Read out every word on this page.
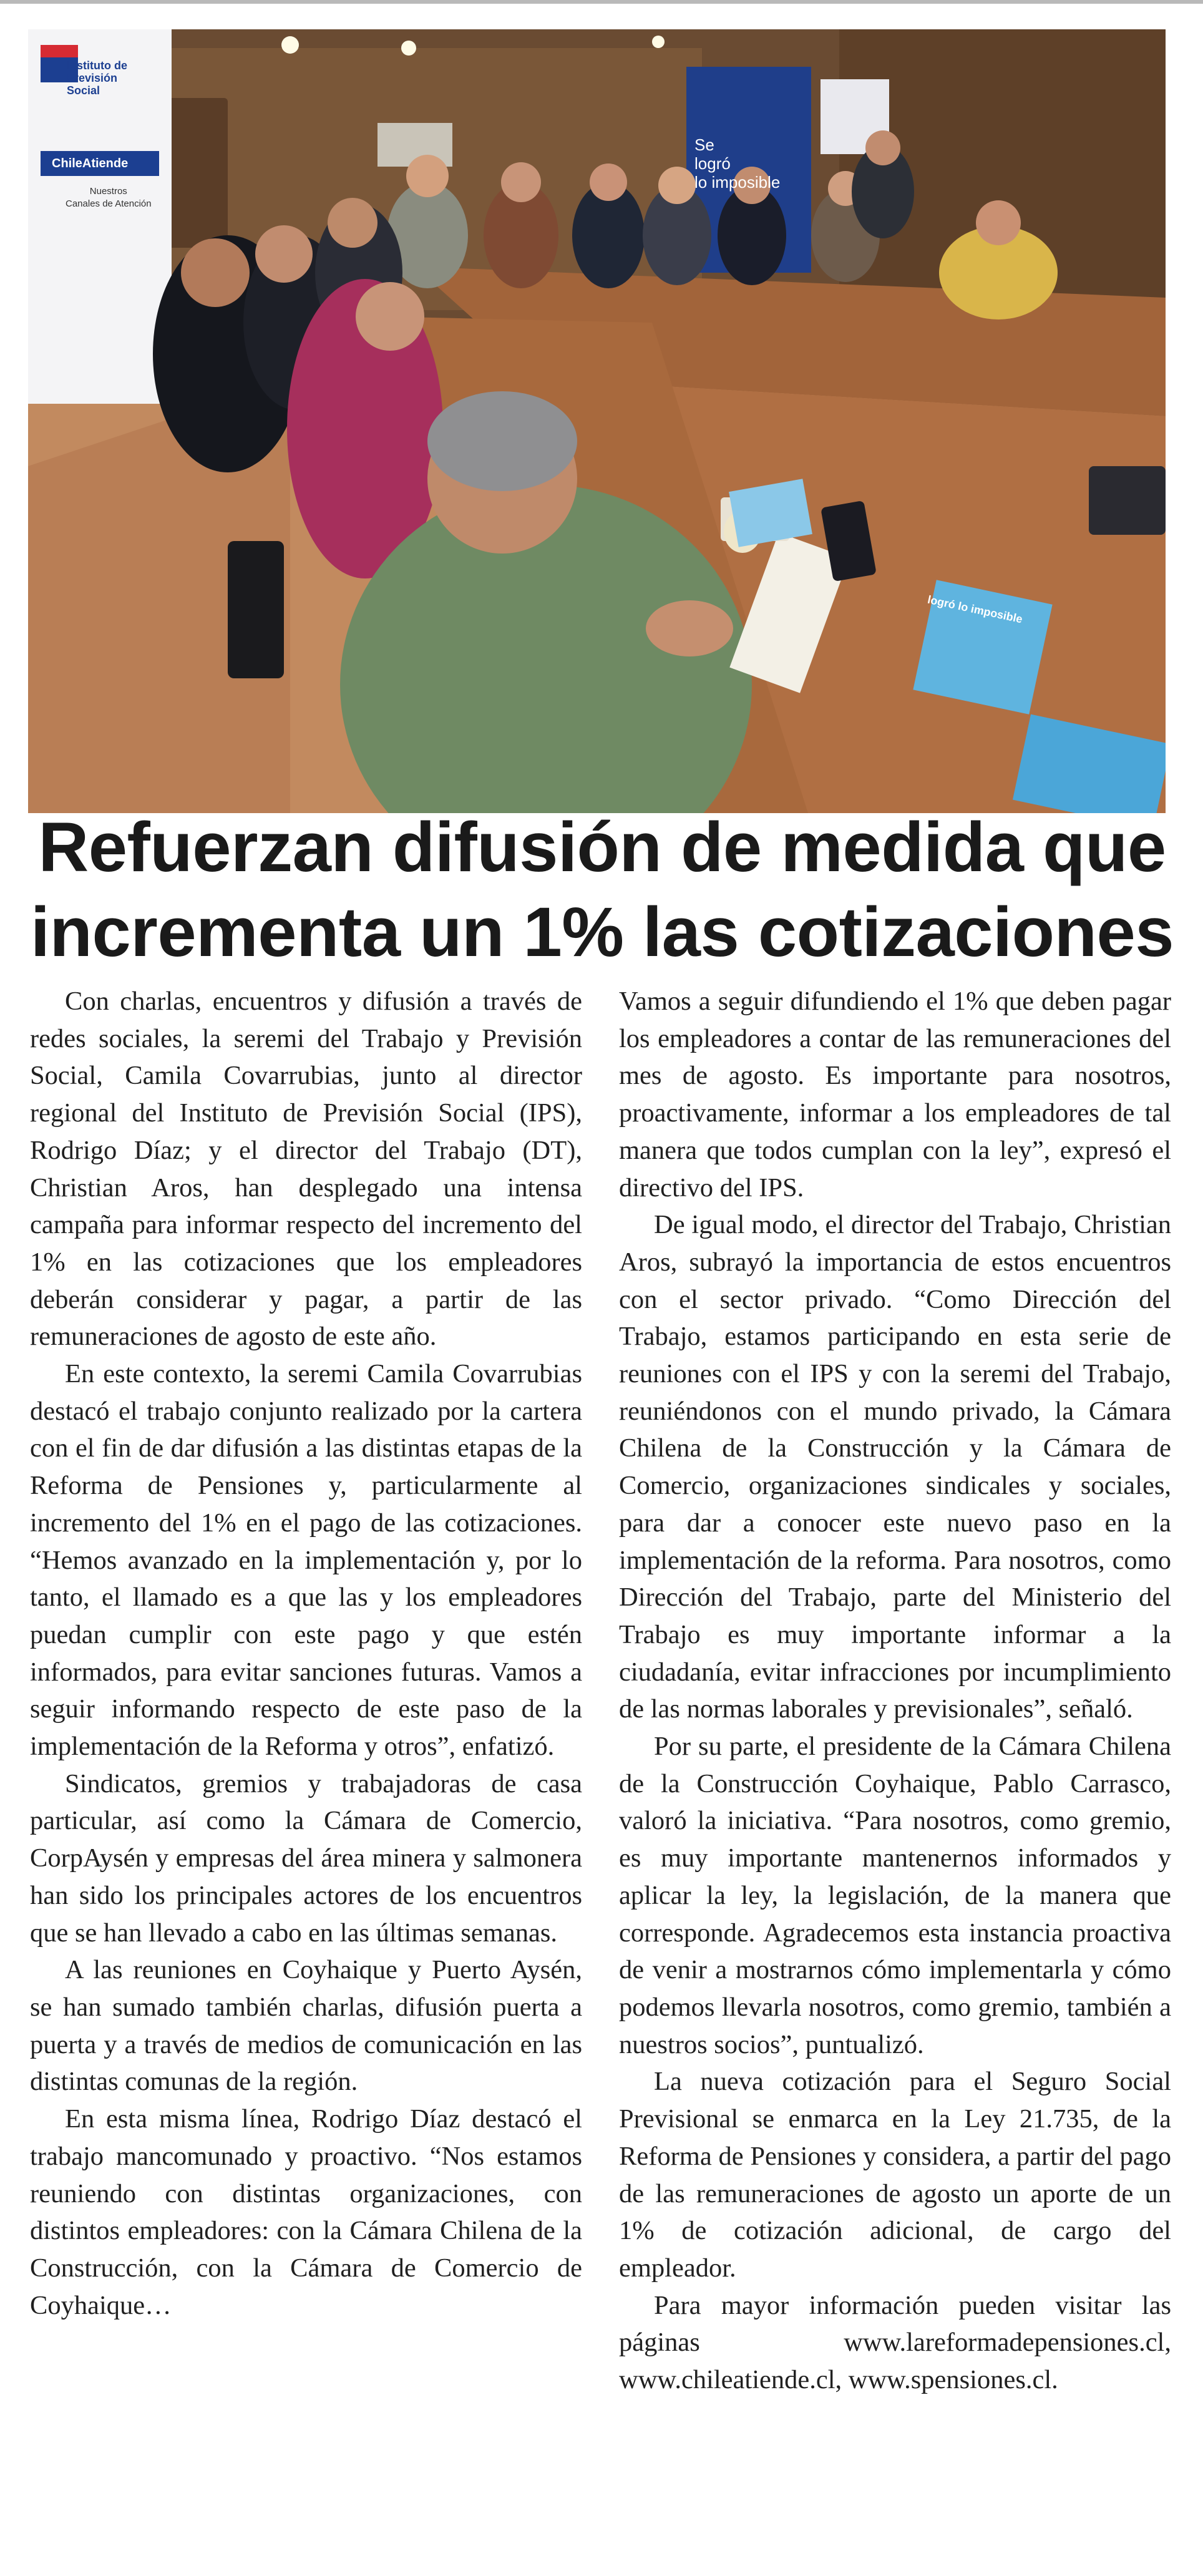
Instituto de
Previsión
Social
ChileAtiende
Nuestros
Canales de Atención
Se
logró
lo imposible
logró lo imposible
Refuerzan difusión de medida que
incrementa un 1% las cotizaciones

Con charlas, encuentros y difusión a través de redes sociales, la seremi del Trabajo y Previsión Social, Camila Covarrubias, junto al director regional del Instituto de Previsión Social (IPS), Rodrigo Díaz; y el director del Trabajo (DT), Christian Aros, han desplegado una intensa campaña para informar respecto del incremento del 1% en las cotizaciones que los empleadores deberán considerar y pagar, a partir de las remuneraciones de agosto de este año.

En este contexto, la seremi Camila Covarrubias destacó el trabajo conjunto realizado por la cartera con el fin de dar difusión a las distintas etapas de la Reforma de Pensiones y, particularmente al incremento del 1% en el pago de las cotizaciones. “Hemos avanzado en la implementación y, por lo tanto, el llamado es a que las y los empleadores puedan cumplir con este pago y que estén informados, para evitar sanciones futuras. Vamos a seguir informando respecto de este paso de la implementación de la Reforma y otros”, enfatizó.

Sindicatos, gremios y trabajadoras de casa particular, así como la Cámara de Comercio, CorpAysén y empresas del área minera y salmonera han sido los principales actores de los encuentros que se han llevado a cabo en las últimas semanas.

A las reuniones en Coyhaique y Puerto Aysén, se han sumado también charlas, difusión puerta a puerta y a través de medios de comunicación en las distintas comunas de la región.

En esta misma línea, Rodrigo Díaz destacó el trabajo mancomunado y proactivo. “Nos estamos reuniendo con distintas organizaciones, con distintos empleadores: con la Cámara Chilena de la Construcción, con la Cámara de Comercio de Coyhaique…

Vamos a seguir difundiendo el 1% que deben pagar los empleadores a contar de las remuneraciones del mes de agosto. Es importante para nosotros, proactivamente, informar a los empleadores de tal manera que todos cumplan con la ley”, expresó el directivo del IPS.

De igual modo, el director del Trabajo, Christian Aros, subrayó la importancia de estos encuentros con el sector privado. “Como Dirección del Trabajo, estamos participando en esta serie de reuniones con el IPS y con la seremi del Trabajo, reuniéndonos con el mundo privado, la Cámara Chilena de la Construcción y la Cámara de Comercio, organizaciones sindicales y sociales, para dar a conocer este nuevo paso en la implementación de la reforma. Para nosotros, como Dirección del Trabajo, parte del Ministerio del Trabajo es muy importante informar a la ciudadanía, evitar infracciones por incumplimiento de las normas laborales y previsionales”, señaló.

Por su parte, el presidente de la Cámara Chilena de la Construcción Coyhaique, Pablo Carrasco, valoró la iniciativa. “Para nosotros, como gremio, es muy importante mantenernos informados y aplicar la ley, la legislación, de la manera que corresponde. Agradecemos esta instancia proactiva de venir a mostrarnos cómo implementarla y cómo podemos llevarla nosotros, como gremio, también a nuestros socios”, puntualizó.

La nueva cotización para el Seguro Social Previsional se enmarca en la Ley 21.735, de la Reforma de Pensiones y considera, a partir del pago de las remuneraciones de agosto un aporte de un 1% de cotización adicional, de cargo del empleador.

Para mayor información pueden visitar las páginas www.lareformadepensiones.cl, www.chileatiende.cl, www.spensiones.cl.
